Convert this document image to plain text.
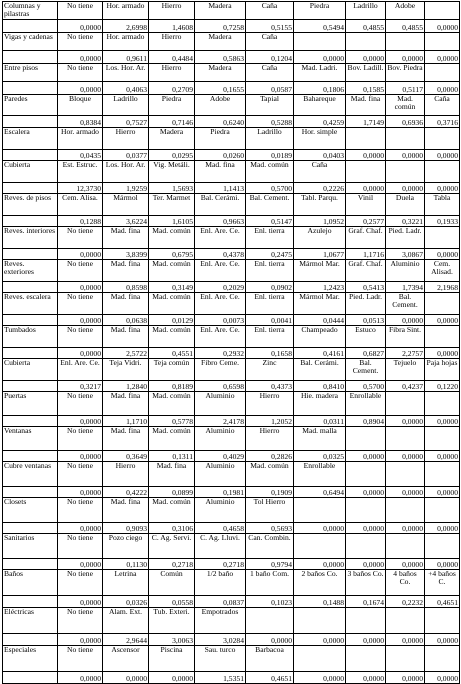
Columnas y pilastras	No tiene	Hor. armado	Hierro	Madera	Caña	Piedra	Ladrillo	Adobe	
	0,0000	2,6998	1,4608	0,7258	0,5155	0,5494	0,4855	0,4855	0,0000
Vigas y cadenas	No tiene	Hor. armado	Hierro	Madera	Caña				
	0,0000	0,9611	0,4484	0,5863	0,1204	0,0000	0,0000	0,0000	0,0000
Entre pisos	No tiene	Los. Hor. Ar.	Hierro	Madera	Caña	Mad. Ladri.	Bov. Ladill.	Bov. Piedra	
	0,0000	0,4063	0,2709	0,1655	0,0587	0,1806	0,1585	0,5117	0,0000
Paredes	Bloque	Ladrillo	Piedra	Adobe	Tapial	Bahareque	Mad. fina	Mad. común	Caña
	0,8384	0,7527	0,7146	0,6240	0,5288	0,4259	1,7149	0,6936	0,3716
Escalera	Hor. armado	Hierro	Madera	Piedra	Ladrillo	Hor. simple			
	0,0435	0,0377	0,0295	0,0260	0,0189	0,0403	0,0000	0,0000	0,0000
Cubierta	Est. Estruc.	Los. Hor. Ar.	Vig. Metáli.	Mad. fina	Mad. común	Caña			
	12,3730	1,9259	1,5693	1,1413	0,5700	0,2226	0,0000	0,0000	0,0000
Reves. de pisos	Cem. Alisa.	Mármol	Ter. Marmet	Bal. Cerámi.	Bal. Cement.	Tabl. Parqu.	Vinil	Duela	Tabla
	0,1288	3,6224	1,6105	0,9663	0,5147	1,0952	0,2577	0,3221	0,1933
Reves. interiores	No tiene	Mad. fina	Mad. común	Enl. Are. Ce.	Enl. tierra	Azulejo	Graf. Chaf.	Pied. Ladr.	
	0,0000	3,8399	0,6795	0,4378	0,2475	1,0677	1,1716	3,0867	0,0000
Reves. exteriores	No tiene	Mad. fina	Mad. común	Enl. Are. Ce.	Enl. tierra	Mármol Mar.	Graf. Chaf.	Aluminio	Cem. Alisad.
	0,0000	0,8598	0,3149	0,2029	0,0902	1,2423	0,5413	1,7394	2,1968
Reves. escalera	No tiene	Mad. fina	Mad. común	Enl. Are. Ce.	Enl. tierra	Mármol Mar.	Pied. Ladr.	Bal. Cement.	
	0,0000	0,0638	0,0129	0,0073	0,0041	0,0444	0,0513	0,0000	0,0000
Tumbados	No tiene	Mad. fina	Mad. común	Enl. Are. Ce.	Enl. tierra	Champeado	Estuco	Fibra Sint.	
	0,0000	2,5722	0,4551	0,2932	0,1658	0,4161	0,6827	2,2757	0,0000
Cubierta	Enl. Are. Ce.	Teja Vidri.	Teja común	Fibro Ceme.	Zinc	Bal. Cerámi.	Bal. Cement.	Tejuelo	Paja hojas
	0,3217	1,2840	0,8189	0,6598	0,4373	0,8410	0,5700	0,4237	0,1220
Puertas	No tiene	Mad. fina	Mad. común	Aluminio	Hierro	Hie. madera	Enrollable		
	0,0000	1,1710	0,5778	2,4178	1,2052	0,0311	0,8904	0,0000	0,0000
Ventanas	No tiene	Mad. fina	Mad. común	Aluminio	Hierro	Mad. malla			
	0,0000	0,3649	0,1311	0,4029	0,2826	0,0325	0,0000	0,0000	0,0000
Cubre ventanas	No tiene	Hierro	Mad. fina	Aluminio	Mad. común	Enrollable			
	0,0000	0,4222	0,0899	0,1981	0,1909	0,6494	0,0000	0,0000	0,0000
Closets	No tiene	Mad. fina	Mad. común	Aluminio	Tol Hierro				
	0,0000	0,9093	0,3106	0,4658	0,5693	0,0000	0,0000	0,0000	0,0000
Sanitarios	No tiene	Pozo ciego	C. Ag. Servi.	C. Ag. Lluvi.	Can. Combin.				
	0,0000	0,1130	0,2718	0,2718	0,9794	0,0000	0,0000	0,0000	0,0000
Baños	No tiene	Letrina	Común	1/2 baño	1 baño Com.	2 baños Co.	3 baños Co.	4 baños Co.	+4 baños C.
	0,0000	0,0326	0,0558	0,0837	0,1023	0,1488	0,1674	0,2232	0,4651
Eléctricas	No tiene	Alam. Ext.	Tub. Exteri.	Empotrados					
	0,0000	2,9644	3,0063	3,0284	0,0000	0,0000	0,0000	0,0000	0,0000
Especiales	No tiene	Ascensor	Piscina	Sau. turco	Barbacoa				
	0,0000	0,0000	0,0000	1,5351	0,4651	0,0000	0,0000	0,0000	0,0000
